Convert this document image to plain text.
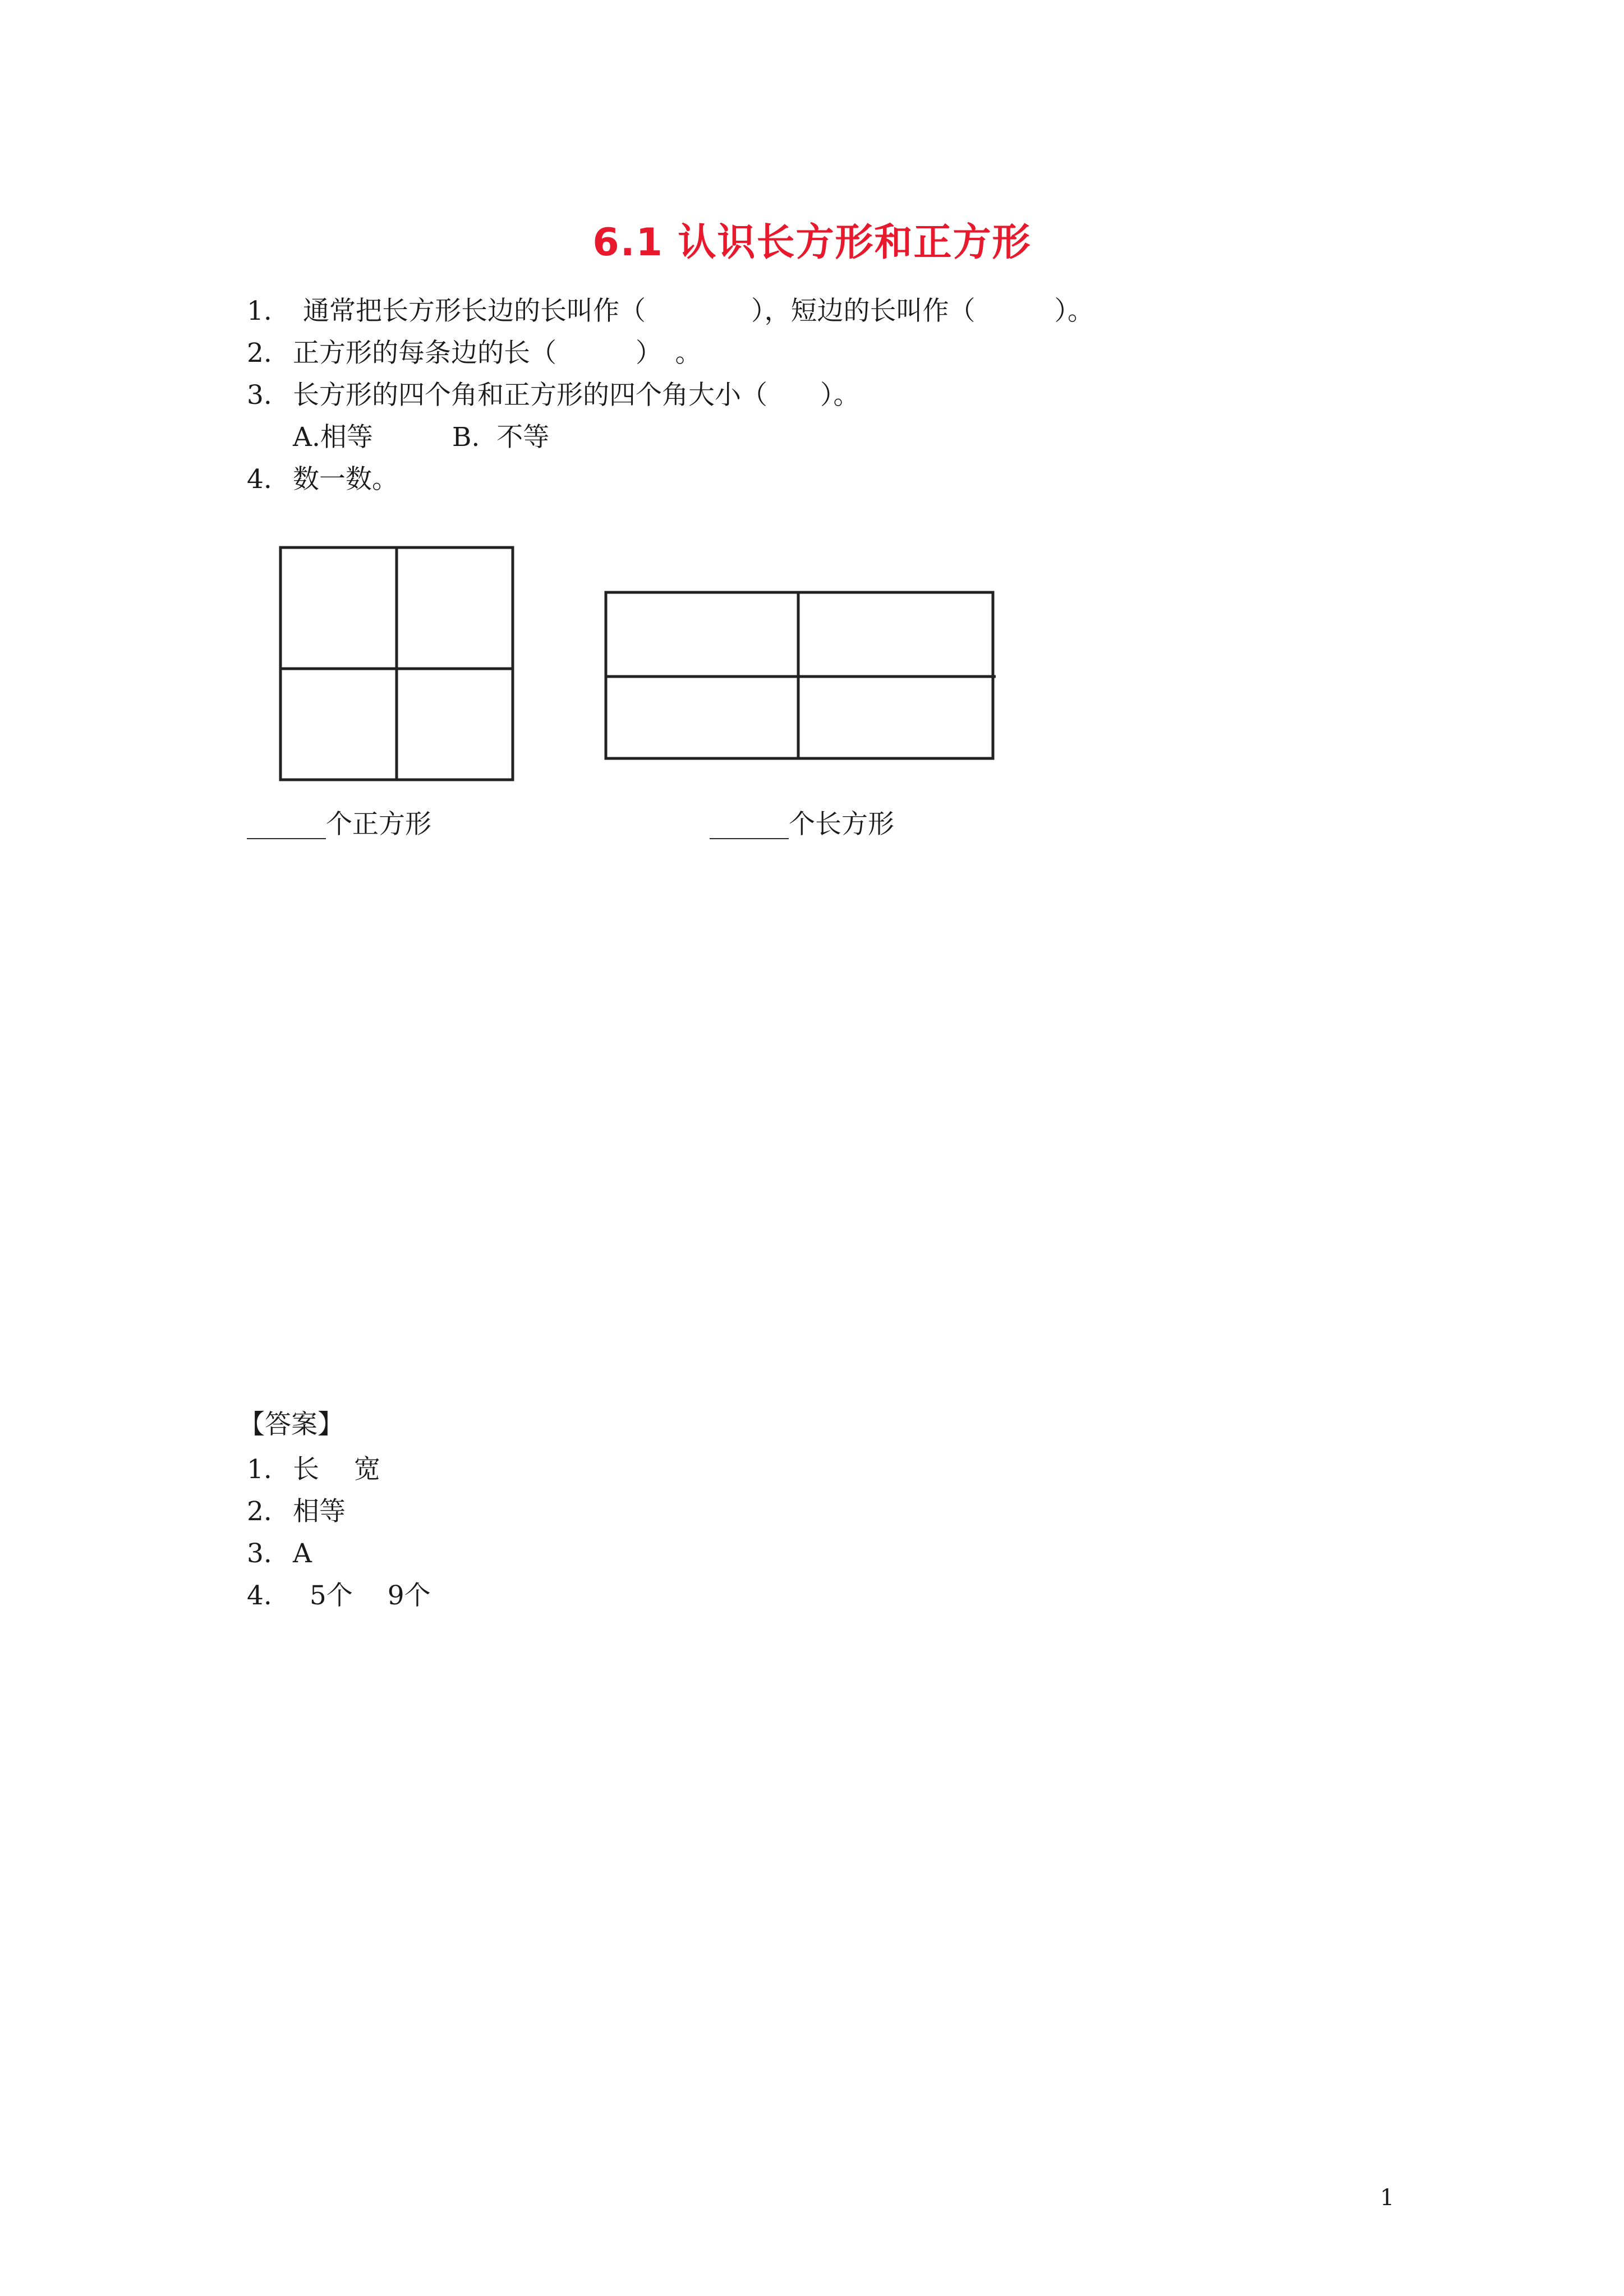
6.1 认识长方形和正方形
1. 通常把长方形长边的长叫作（　　　　），短边的长叫作（　　　）。
2. 正方形的每条边的长（　　　）　。
3. 长方形的四个角和正方形的四个角大小（　　）。
A.相等　　　B.  不等
4. 数一数。
______个正方形	______个长方形
【答案】
1. 长　 宽
2. 相等
3. A
4. 5个　 9个
1
